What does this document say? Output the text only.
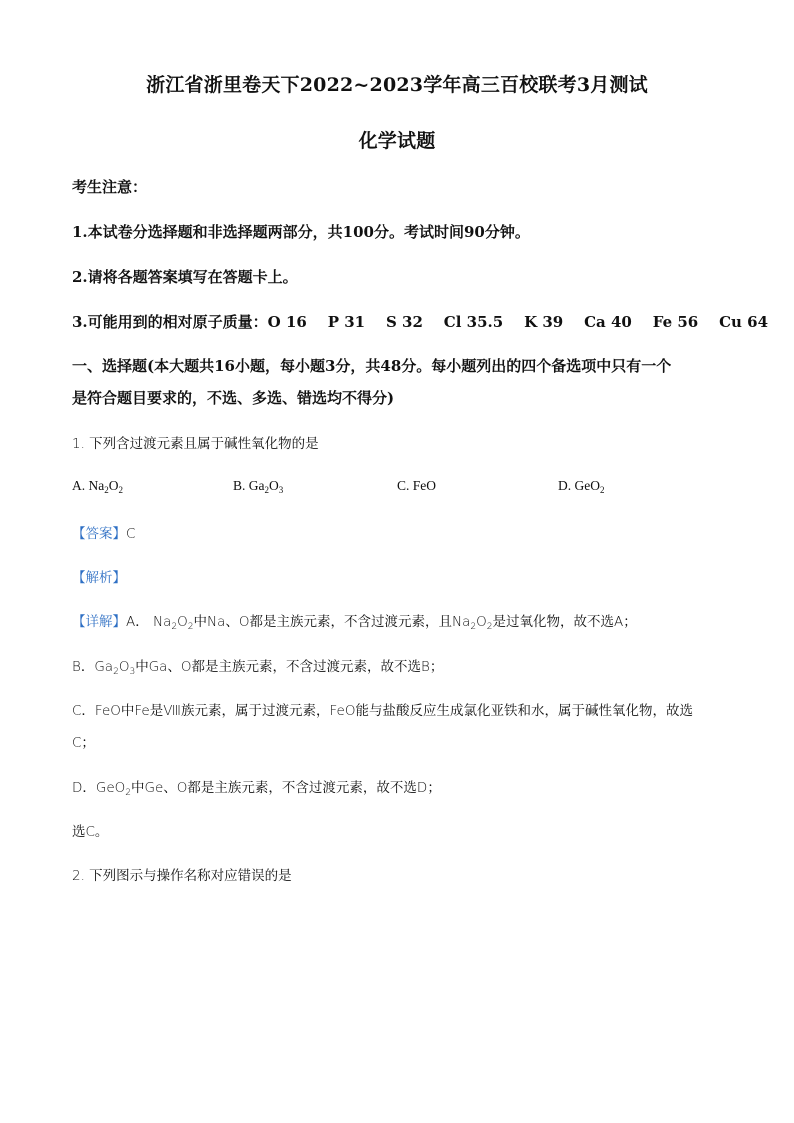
浙江省浙里卷天下2022~2023学年高三百校联考3月测试
化学试题
考生注意：
1.本试卷分选择题和非选择题两部分，共100分。考试时间90分钟。
2.请将各题答案填写在答题卡上。
3.可能用到的相对原子质量：O 16    P 31    S 32    Cl 35.5    K 39    Ca 40    Fe 56    Cu 64
一、选择题(本大题共16小题，每小题3分，共48分。每小题列出的四个备选项中只有一个
是符合题目要求的，不选、多选、错选均不得分)
1. 下列含过渡元素且属于碱性氧化物的是
A. $Na_2O_2$	B. $Ga_2O_3$	C. FeO	D. GeO$_2$
【答案】C
【解析】
【详解】A． $Na_2O_2$中Na、O都是主族元素，不含过渡元素，且$Na_2O_2$是过氧化物，故不选A；
B．$Ga_2O_3$中Ga、O都是主族元素，不含过渡元素，故不选B；
C．FeO中Fe是Ⅷ族元素，属于过渡元素，FeO能与盐酸反应生成氯化亚铁和水，属于碱性氧化物，故选
C；
D．GeO$_2$中Ge、O都是主族元素，不含过渡元素，故不选D；
选C。
2. 下列图示与操作名称对应错误的是
